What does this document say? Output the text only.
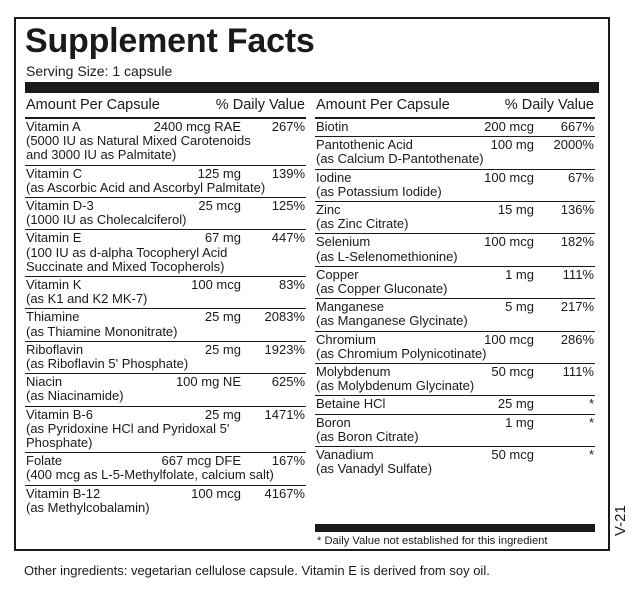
Supplement Facts
Serving Size: 1 capsule
Amount Per Capsule	% Daily Value
Vitamin A	2400 mcg RAE	267%
(5000 IU as Natural Mixed Carotenoids
and 3000 IU as Palmitate)
Vitamin C	125 mg	139%
(as Ascorbic Acid and Ascorbyl Palmitate)
Vitamin D-3	25 mcg	125%
(1000 IU as Cholecalciferol)
Vitamin E	67 mg	447%
(100 IU as d-alpha Tocopheryl Acid
Succinate and Mixed Tocopherols)
Vitamin K	100 mcg	83%
(as K1 and K2 MK-7)
Thiamine	25 mg	2083%
(as Thiamine Mononitrate)
Riboflavin	25 mg	1923%
(as Riboflavin 5' Phosphate)
Niacin	100 mg NE	625%
(as Niacinamide)
Vitamin B-6	25 mg	1471%
(as Pyridoxine HCl and Pyridoxal 5'
Phosphate)
Folate	667 mcg DFE	167%
(400 mcg as L-5-Methylfolate, calcium salt)
Vitamin B-12	100 mcg	4167%
(as Methylcobalamin)
Amount Per Capsule	% Daily Value
Biotin	200 mcg	667%
Pantothenic Acid	100 mg	2000%
(as Calcium D-Pantothenate)
Iodine	100 mcg	67%
(as Potassium Iodide)
Zinc	15 mg	136%
(as Zinc Citrate)
Selenium	100 mcg	182%
(as L-Selenomethionine)
Copper	1 mg	111%
(as Copper Gluconate)
Manganese	5 mg	217%
(as Manganese Glycinate)
Chromium	100 mcg	286%
(as Chromium Polynicotinate)
Molybdenum	50 mcg	111%
(as Molybdenum Glycinate)
Betaine HCl	25 mg	*
Boron	1 mg	*
(as Boron Citrate)
Vanadium	50 mcg	*
(as Vanadyl Sulfate)
* Daily Value not established for this ingredient
V-21
Other ingredients: vegetarian cellulose capsule. Vitamin E is derived from soy oil.
